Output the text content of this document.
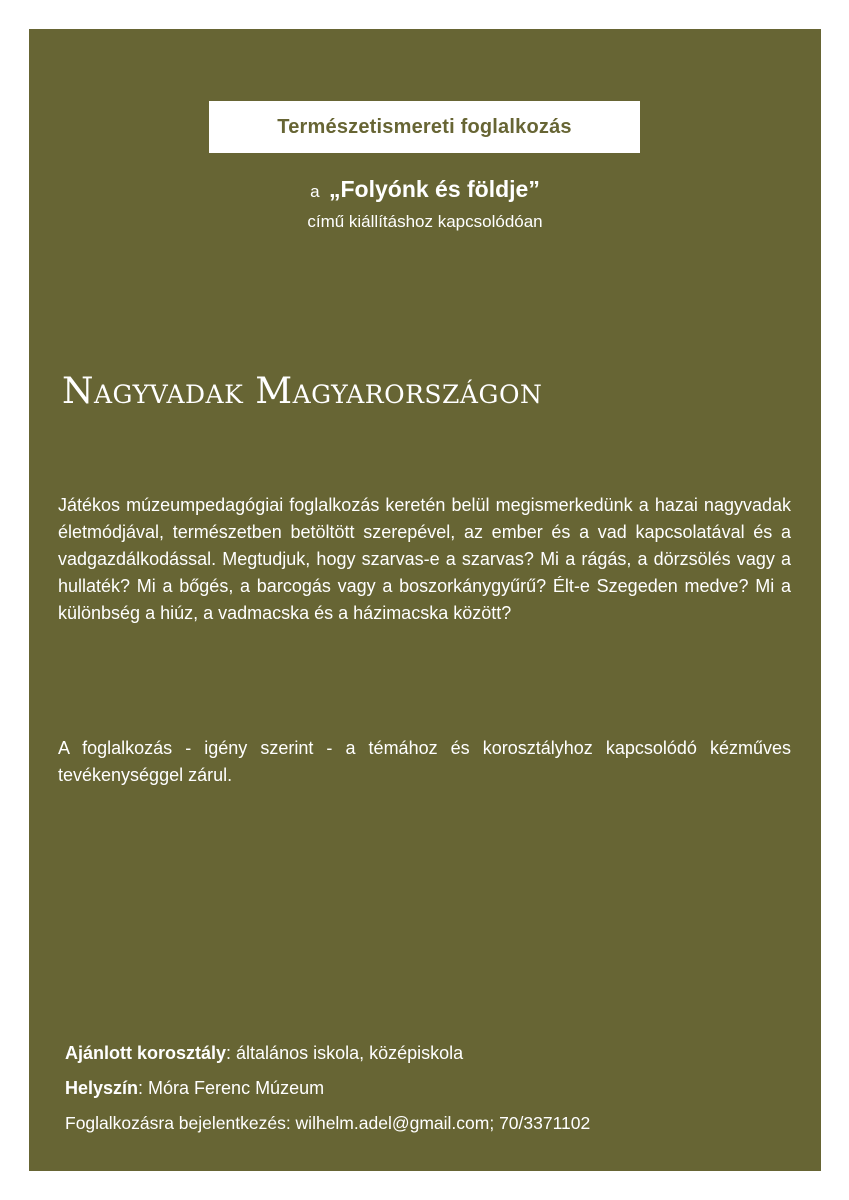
Természetismereti foglalkozás
a „Folyónk és földje”
című kiállításhoz kapcsolódóan
Nagyvadak Magyarországon

Játékos múzeumpedagógiai foglalkozás keretén belül megismerkedünk a hazai nagyvadak életmódjával, természetben betöltött szerepével, az ember és a vad kapcsolatával és a vadgazdálkodással. Megtudjuk, hogy szarvas-e a szarvas? Mi a rágás, a dörzsölés vagy a hullaték? Mi a bőgés, a barcogás vagy a boszorkánygyűrű? Élt-e Szegeden medve? Mi a különbség a hiúz, a vadmacska és a házimacska között?

A foglalkozás - igény szerint - a témához és korosztályhoz kapcsolódó kézműves tevékenységgel zárul.

Ajánlott korosztály: általános iskola, középiskola
Helyszín: Móra Ferenc Múzeum
Foglalkozásra bejelentkezés: wilhelm.adel@gmail.com; 70/3371102
